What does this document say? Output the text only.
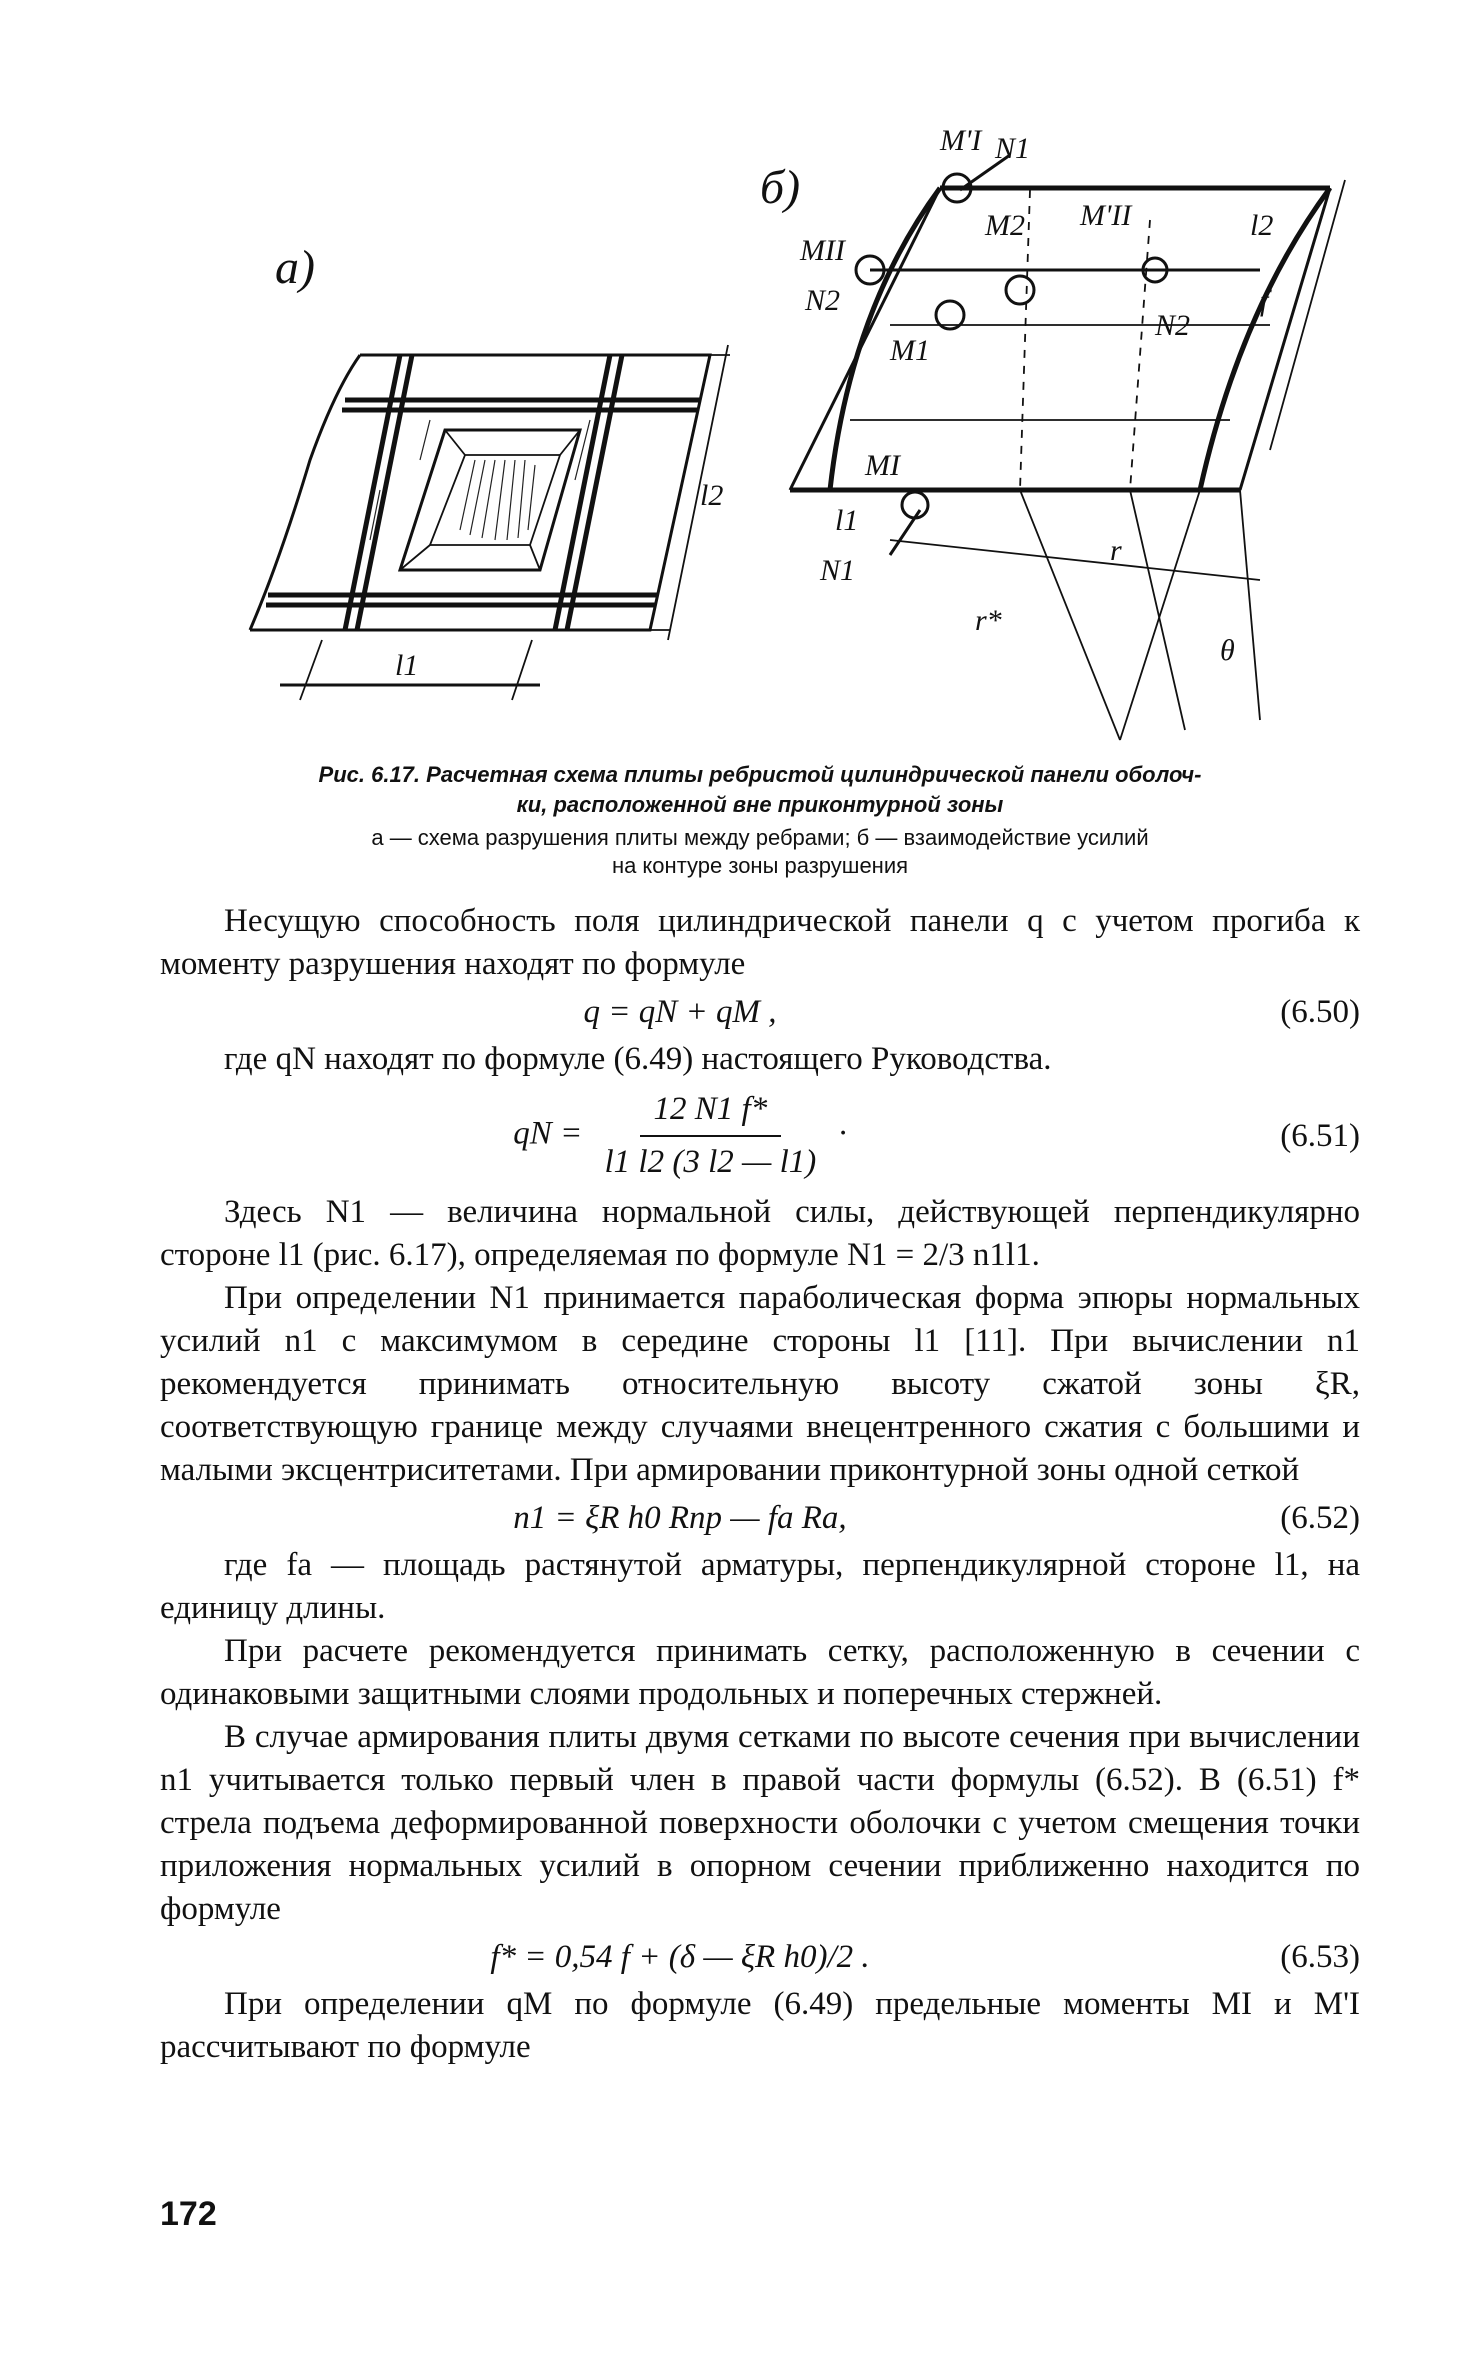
l2
l1
N1
M'I
MII
N2
M2 M'II
M1
N2
l2
f
MI
l1
N1
r
r*
θ
а)
б)
Рис. 6.17. Расчетная схема плиты ребристой цилиндрической панели оболоч-
ки, расположенной вне приконтурной зоны
а — схема разрушения плиты между ребрами; б — взаимодействие усилий
на контуре зоны разрушения

Несущую способность поля цилиндрической панели q с учетом прогиба к моменту разрушения находят по формуле

q = qN + qM ,	(6.50)

где qN находят по формуле (6.49) настоящего Руководства.

qN = $\frac{12 N1 f*}{l1 l2 (3 l2 — l1)}$ ·	(6.51)

Здесь N1 — величина нормальной силы, действующей перпендикулярно стороне l1 (рис. 6.17), определяемая по формуле N1 = 2/3 n1l1.

При определении N1 принимается параболическая форма эпюры нормальных усилий n1 с максимумом в середине стороны l1 [11]. При вычислении n1 рекомендуется принимать относительную высоту сжатой зоны ξR, соответствующую границе между случаями внецентренного сжатия с большими и малыми эксцентриситетами. При армировании приконтурной зоны одной сеткой

n1 = ξR h0 Rпр — fa Ra,	(6.52)

где fa — площадь растянутой арматуры, перпендикулярной стороне l1, на единицу длины.

При расчете рекомендуется принимать сетку, расположенную в сечении с одинаковыми защитными слоями продольных и поперечных стержней.

В случае армирования плиты двумя сетками по высоте сечения при вычислении n1 учитывается только первый член в правой части формулы (6.52). В (6.51) f* стрела подъема деформированной поверхности оболочки с учетом смещения точки приложения нормальных усилий в опорном сечении приближенно находится по формуле

f* = 0,54 f + (δ — ξR h0)/2 .	(6.53)

При определении qM по формуле (6.49) предельные моменты MI и M'I рассчитывают по формуле

172
